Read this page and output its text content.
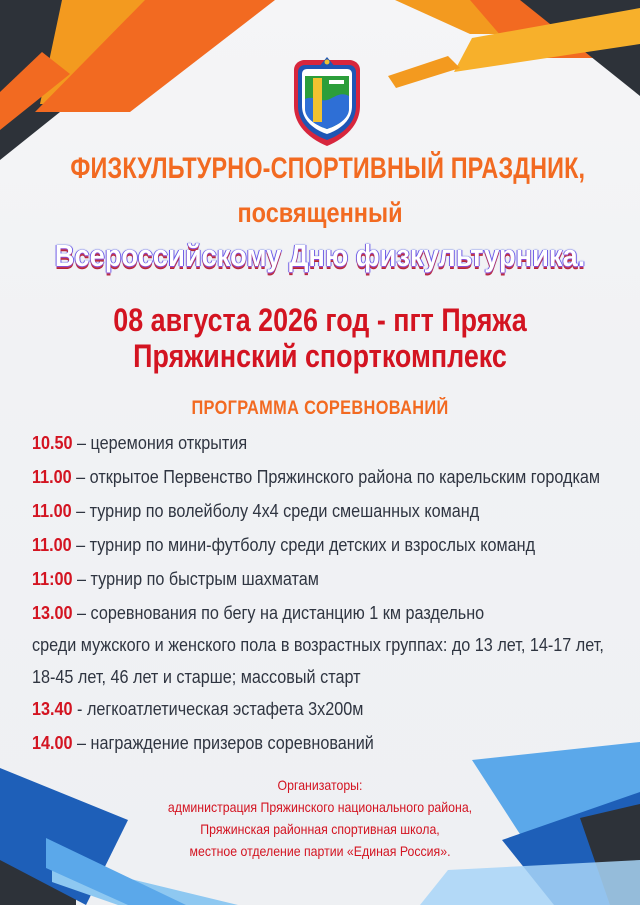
ФИЗКУЛЬТУРНО-СПОРТИВНЫЙ ПРАЗДНИК,
посвященный
Всероссийскому Дню физкультурника.
08 августа 2026 год - пгт Пряжа
Пряжинский спорткомплекс
ПРОГРАММА СОРЕВНОВАНИЙ
10.50 – церемония открытия
11.00 – открытое Первенство Пряжинского района по карельским городкам
11.00 – турнир по волейболу 4х4 среди смешанных команд
11.00 – турнир по мини-футболу среди детских и взрослых команд
11:00 – турнир по быстрым шахматам
13.00 – соревнования по бегу на дистанцию 1 км раздельно
среди мужского и женского пола в возрастных группах: до 13 лет, 14-17 лет,
18-45 лет, 46 лет и старше; массовый старт
13.40 - легкоатлетическая эстафета 3х200м
14.00 – награждение призеров соревнований
Организаторы:
администрация Пряжинского национального района,
Пряжинская районная спортивная школа,
местное отделение партии «Единая Россия».
